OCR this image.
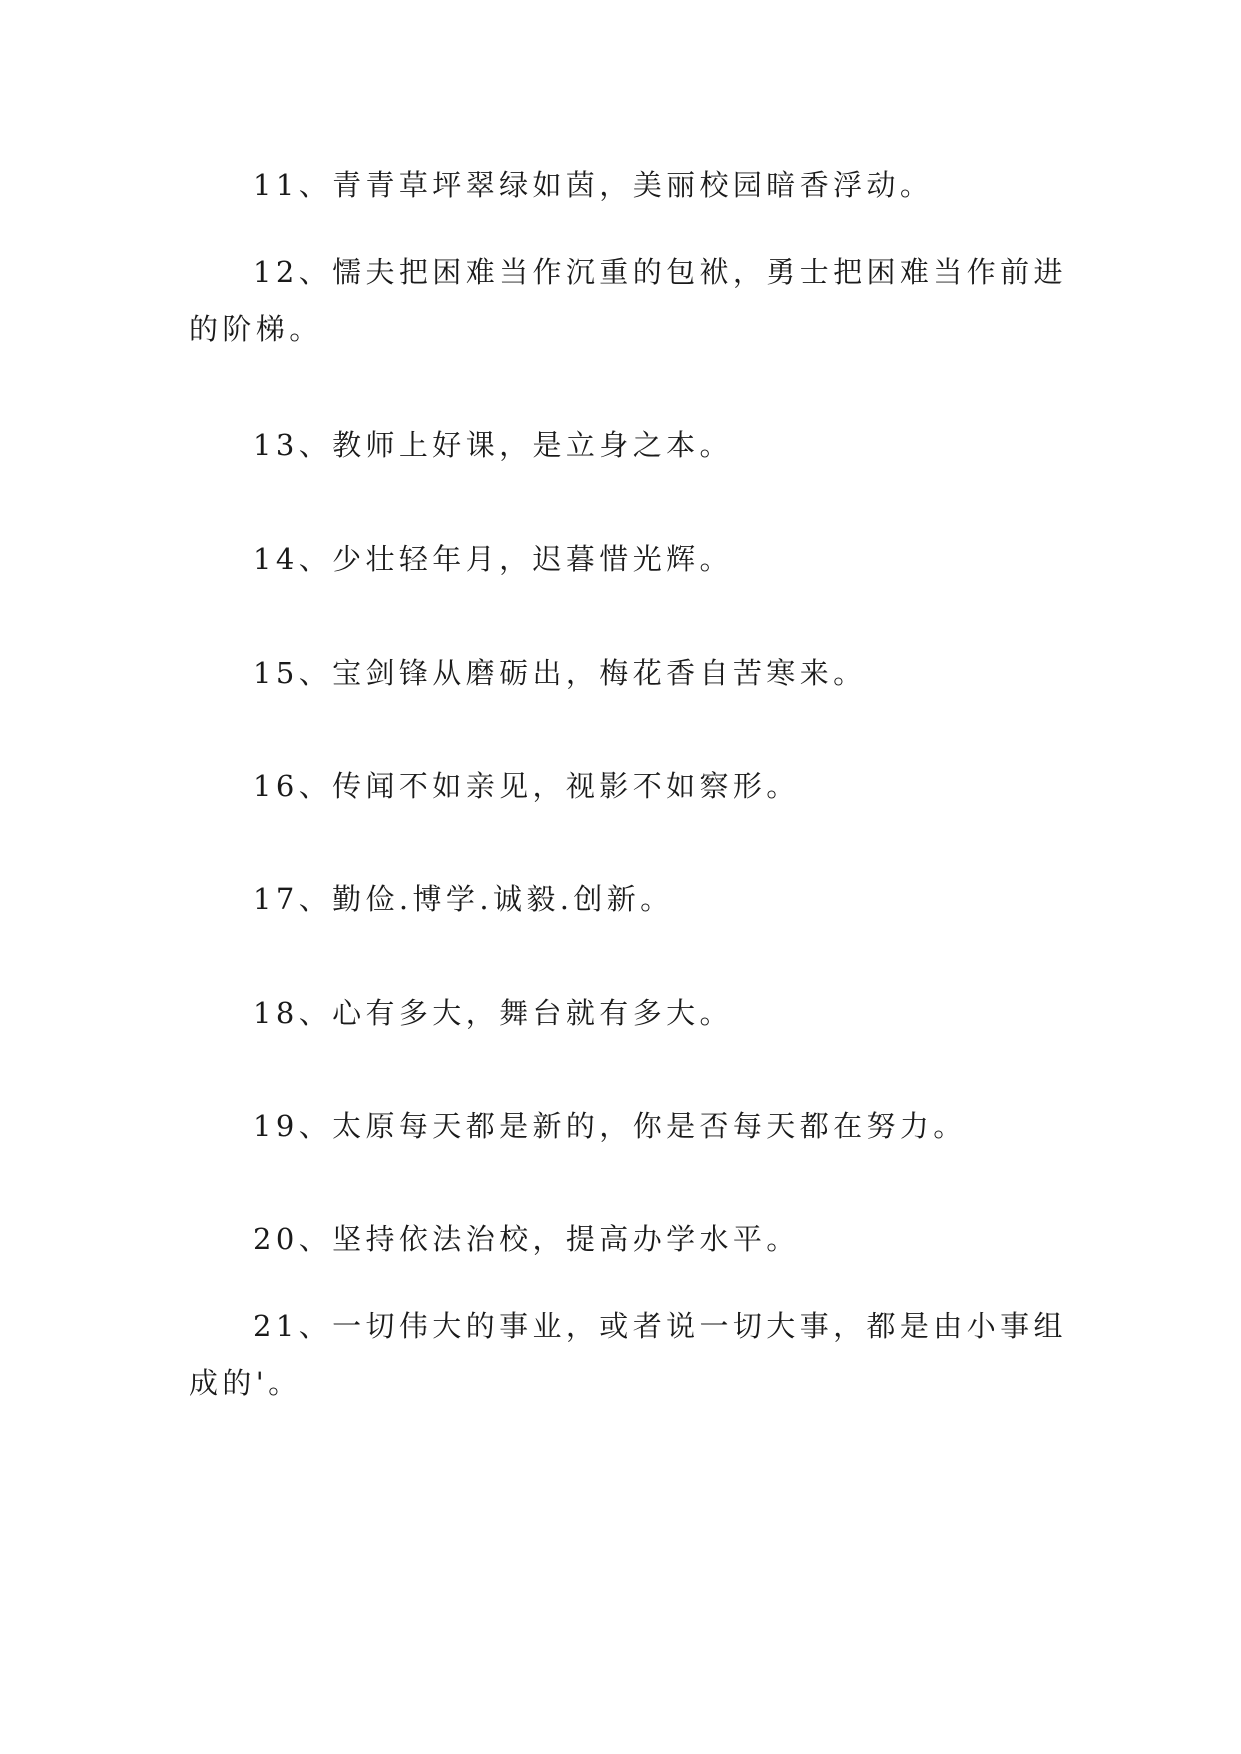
11、青青草坪翠绿如茵，美丽校园暗香浮动。

12、懦夫把困难当作沉重的包袱，勇士把困难当作前进的阶梯。

13、教师上好课，是立身之本。

14、少壮轻年月，迟暮惜光辉。

15、宝剑锋从磨砺出，梅花香自苦寒来。

16、传闻不如亲见，视影不如察形。

17、勤俭.博学.诚毅.创新。

18、心有多大，舞台就有多大。

19、太原每天都是新的，你是否每天都在努力。

20、坚持依法治校，提高办学水平。

21、一切伟大的事业，或者说一切大事，都是由小事组成的'。
